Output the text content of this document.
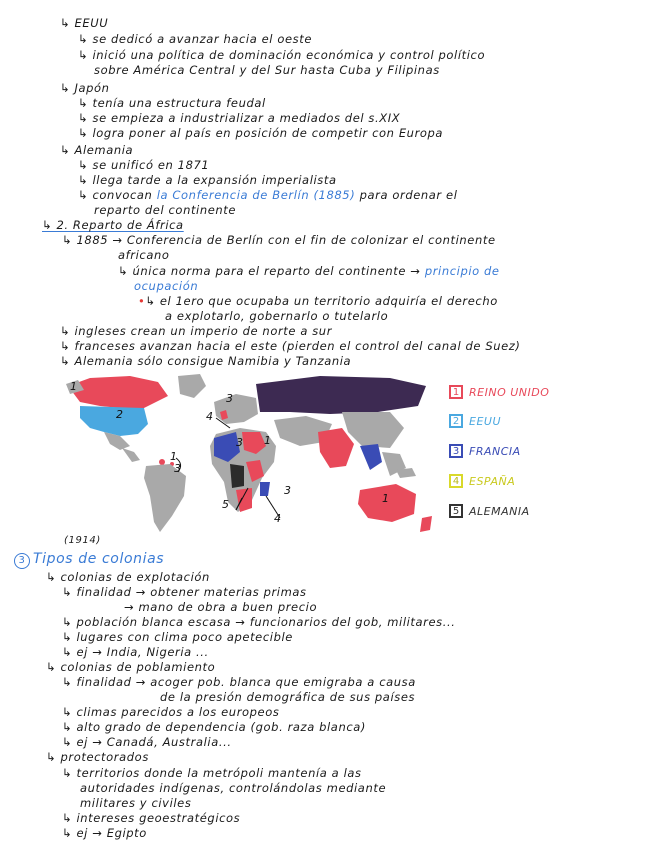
↳ EEUU
↳ se dedicó a avanzar hacia el oeste
↳ inició una política de dominación económica y control político
sobre América Central y del Sur hasta Cuba y Filipinas
↳ Japón
↳ tenía una estructura feudal
↳ se empieza a industrializar a mediados del s.XIX
↳ logra poner al país en posición de competir con Europa
↳ Alemania
↳ se unificó en 1871
↳ llega tarde a la expansión imperialista
↳ convocan la Conferencia de Berlín (1885) para ordenar el
reparto del continente
↳ 2. Reparto de África
↳ 1885 → Conferencia de Berlín con el fin de colonizar el continente
africano
↳ única norma para el reparto del continente → principio de
ocupación
•↳ el 1ero que ocupaba un territorio adquiría el derecho
a explotarlo, gobernarlo o tutelarlo
↳ ingleses crean un imperio de norte a sur
↳ franceses avanzan hacia el este (pierden el control del canal de Suez)
↳ Alemania sólo consigue Namibia y Tanzania
1
2	4
3
3 1
1
3
5
3
4
1
(1914)
1 REINO UNIDO
2 EEUU
3 FRANCIA
4 ESPAÑA
5 ALEMANIA
3 Tipos de colonias
↳ colonias de explotación
↳ finalidad → obtener materias primas
→ mano de obra a buen precio
↳ población blanca escasa → funcionarios del gob, militares...
↳ lugares con clima poco apetecible
↳ ej → India, Nigeria ...
↳ colonias de poblamiento
↳ finalidad → acoger pob. blanca que emigraba a causa
de la presión demográfica de sus países
↳ climas parecidos a los europeos
↳ alto grado de dependencia (gob. raza blanca)
↳ ej → Canadá, Australia...
↳ protectorados
↳ territorios donde la metrópoli mantenía a las
autoridades indígenas, controlándolas mediante
militares y civiles
↳ intereses geoestratégicos
↳ ej → Egipto
